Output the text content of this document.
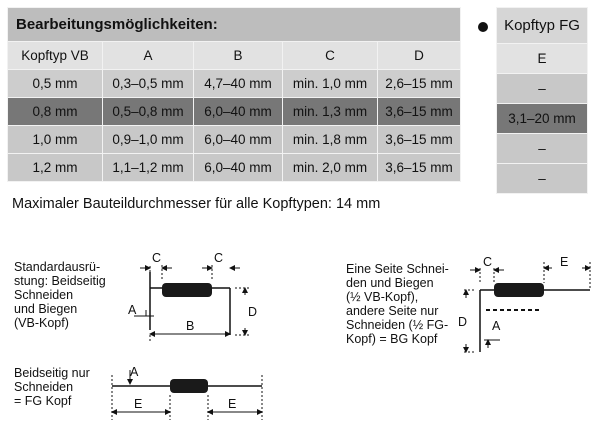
Bearbeitungsmöglichkeiten:				
Kopftyp VB	A	B	C	D
0,5 mm	0,3–0,5 mm	4,7–40 mm	min. 1,0 mm	2,6–15 mm
0,8 mm	0,5–0,8 mm	6,0–40 mm	min. 1,3 mm	3,6–15 mm
1,0 mm	0,9–1,0 mm	6,0–40 mm	min. 1,8 mm	3,6–15 mm
1,2 mm	1,1–1,2 mm	6,0–40 mm	min. 2,0 mm	3,6–15 mm
Kopftyp FG
E
–
3,1–20 mm
–
–
Maximaler Bauteildurchmesser für alle Kopftypen: 14 mm
Standardausrü-
stung: Beidseitig
Schneiden
und Biegen
(VB-Kopf)
Beidseitig nur
Schneiden
= FG Kopf
Eine Seite Schnei-
den und Biegen
(½ VB-Kopf),
andere Seite nur
Schneiden (½ FG-
Kopf) = BG Kopf
C	C
D
B
A
E	E
A
C	E
D A
